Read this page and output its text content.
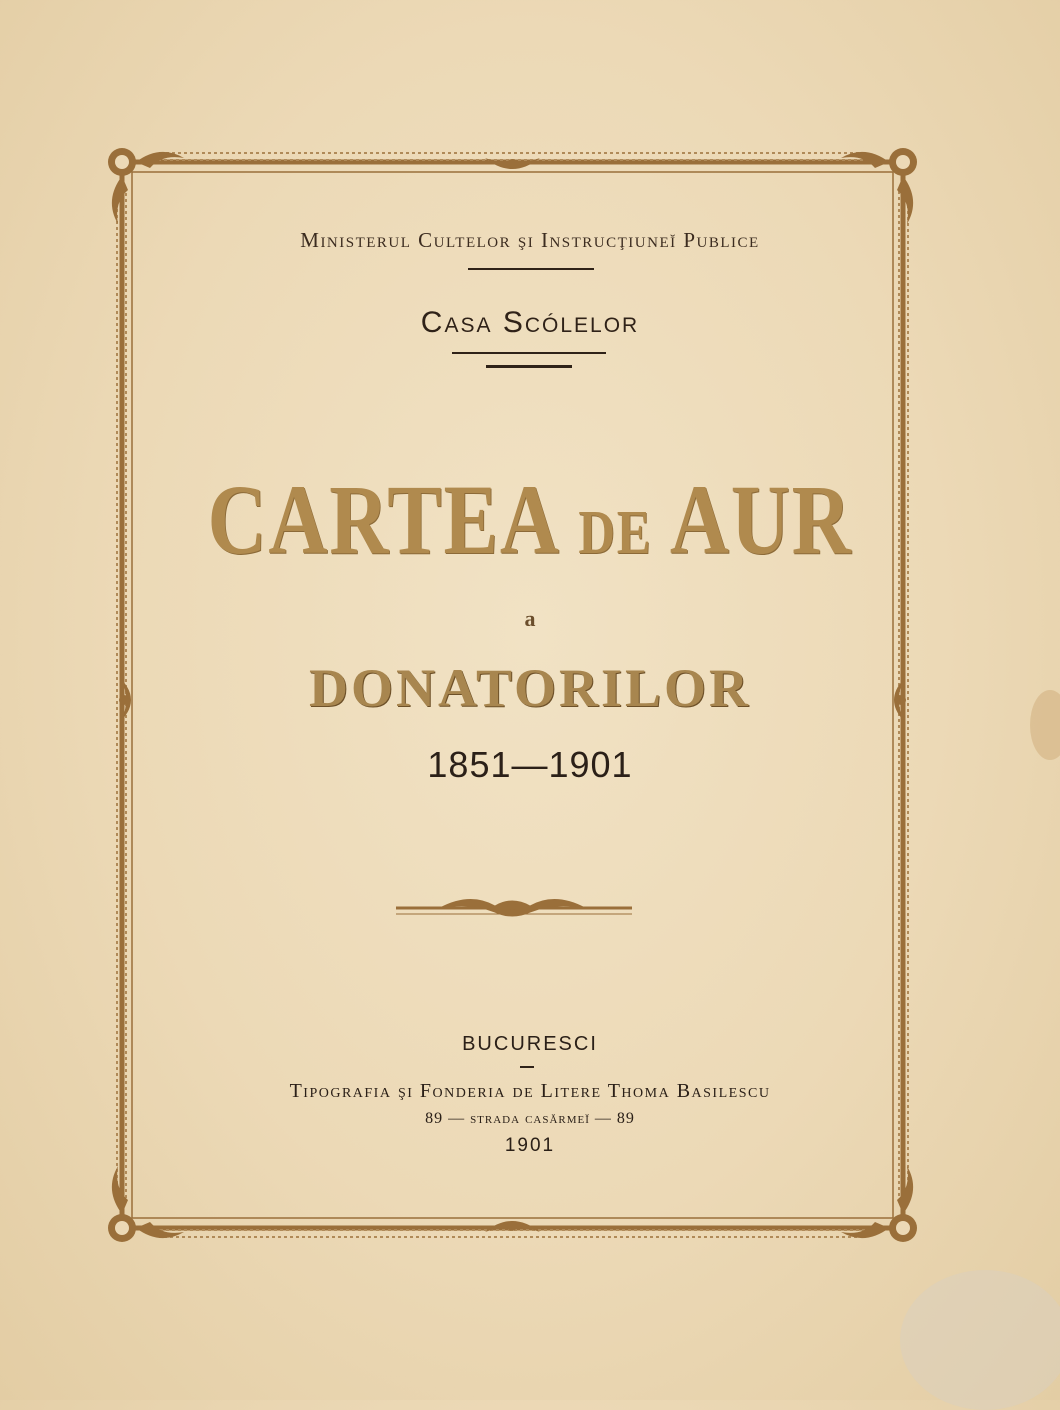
Ministerul Cultelor şi Instrucţiuneĭ Publice

Casa Scólelor

CARTEA DE AUR

a

DONATORILOR

1851—1901

BUCURESCI

Tipografia şi Fonderia de Litere Thoma Basilescu

89 — strada casărmeĭ — 89

1901
